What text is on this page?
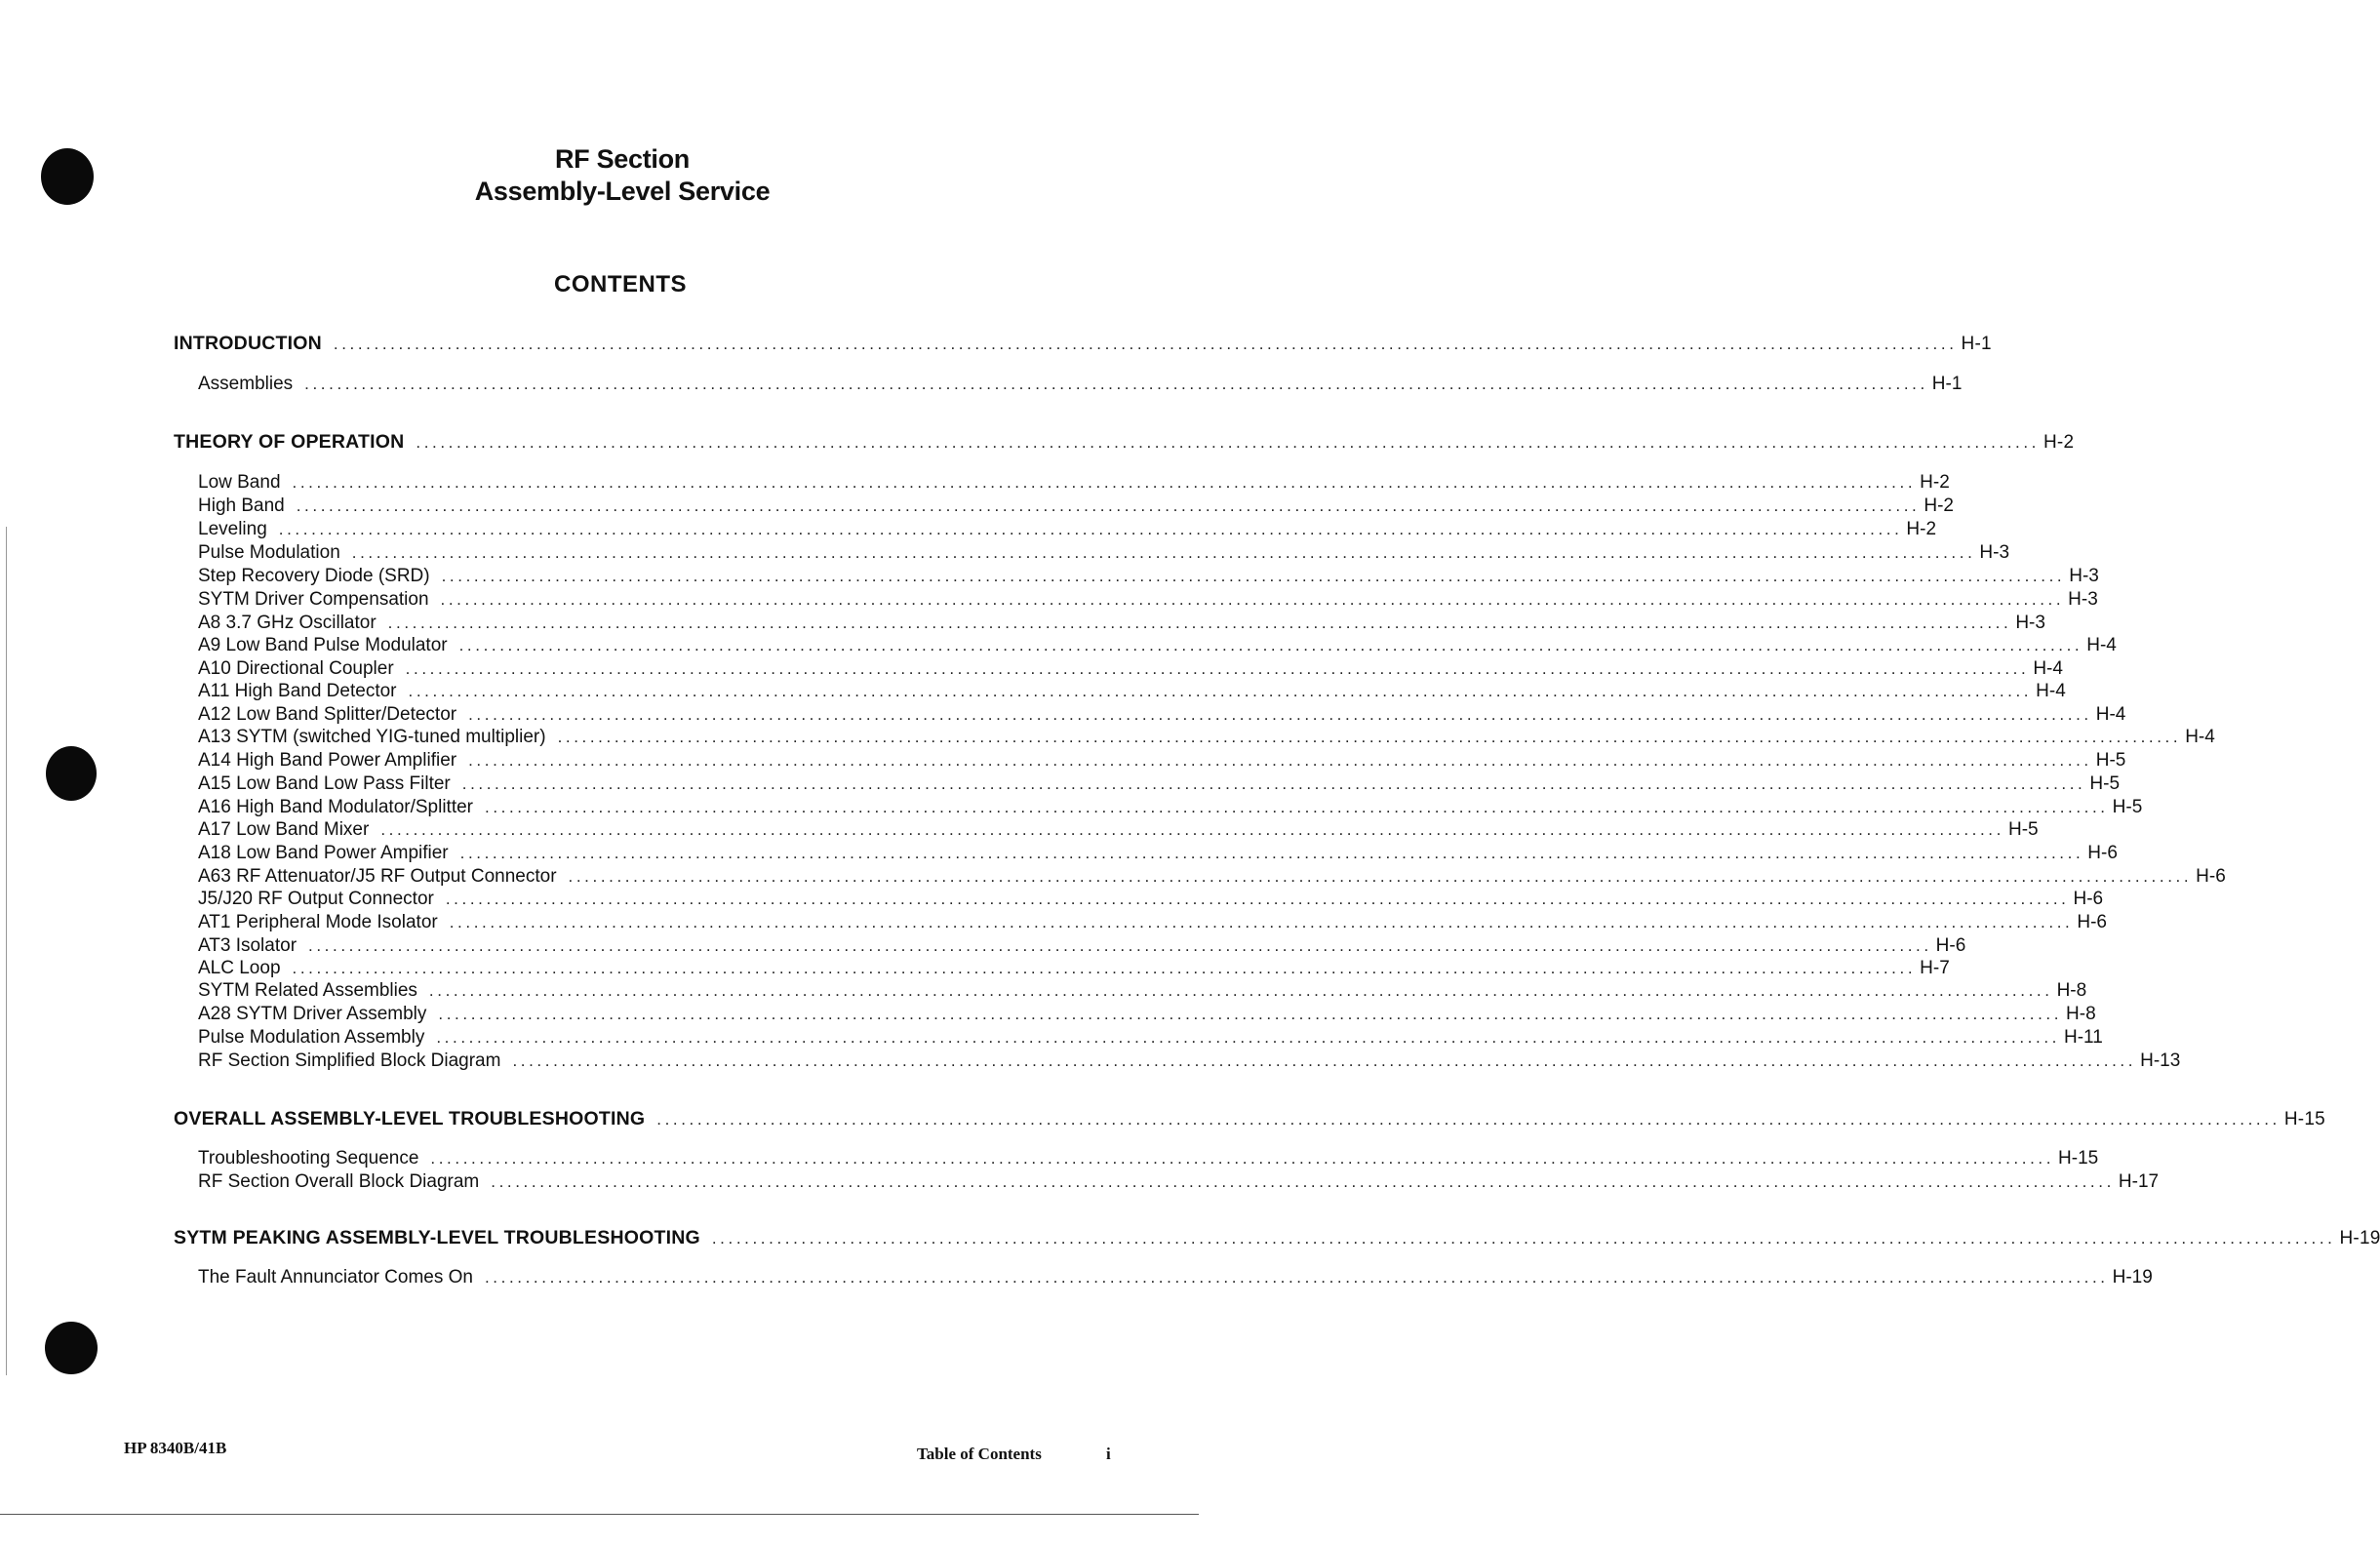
RF Section
Assembly-Level Service
CONTENTS
INTRODUCTION ........................................................................................................................................................................................................ H-1
Assemblies ........................................................................................................................................................................................................ H-1
THEORY OF OPERATION ........................................................................................................................................................................................................ H-2
Low Band ........................................................................................................................................................................................................ H-2
High Band ........................................................................................................................................................................................................ H-2
Leveling ........................................................................................................................................................................................................ H-2
Pulse Modulation ........................................................................................................................................................................................................ H-3
Step Recovery Diode (SRD) ........................................................................................................................................................................................................ H-3
SYTM Driver Compensation ........................................................................................................................................................................................................ H-3
A8 3.7 GHz Oscillator ........................................................................................................................................................................................................ H-3
A9 Low Band Pulse Modulator ........................................................................................................................................................................................................ H-4
A10 Directional Coupler ........................................................................................................................................................................................................ H-4
A11 High Band Detector ........................................................................................................................................................................................................ H-4
A12 Low Band Splitter/Detector ........................................................................................................................................................................................................ H-4
A13 SYTM (switched YIG-tuned multiplier) ........................................................................................................................................................................................................ H-4
A14 High Band Power Amplifier ........................................................................................................................................................................................................ H-5
A15 Low Band Low Pass Filter ........................................................................................................................................................................................................ H-5
A16 High Band Modulator/Splitter ........................................................................................................................................................................................................ H-5
A17 Low Band Mixer ........................................................................................................................................................................................................ H-5
A18 Low Band Power Ampifier ........................................................................................................................................................................................................ H-6
A63 RF Attenuator/J5 RF Output Connector ........................................................................................................................................................................................................ H-6
J5/J20 RF Output Connector ........................................................................................................................................................................................................ H-6
AT1 Peripheral Mode Isolator ........................................................................................................................................................................................................ H-6
AT3 Isolator ........................................................................................................................................................................................................ H-6
ALC Loop ........................................................................................................................................................................................................ H-7
SYTM Related Assemblies ........................................................................................................................................................................................................ H-8
A28 SYTM Driver Assembly ........................................................................................................................................................................................................ H-8
Pulse Modulation Assembly ........................................................................................................................................................................................................ H-11
RF Section Simplified Block Diagram ........................................................................................................................................................................................................ H-13
OVERALL ASSEMBLY-LEVEL TROUBLESHOOTING ........................................................................................................................................................................................................ H-15
Troubleshooting Sequence ........................................................................................................................................................................................................ H-15
RF Section Overall Block Diagram ........................................................................................................................................................................................................ H-17
SYTM PEAKING ASSEMBLY-LEVEL TROUBLESHOOTING ........................................................................................................................................................................................................ H-19
The Fault Annunciator Comes On ........................................................................................................................................................................................................ H-19
HP 8340B/41B	Table of Contents	i
